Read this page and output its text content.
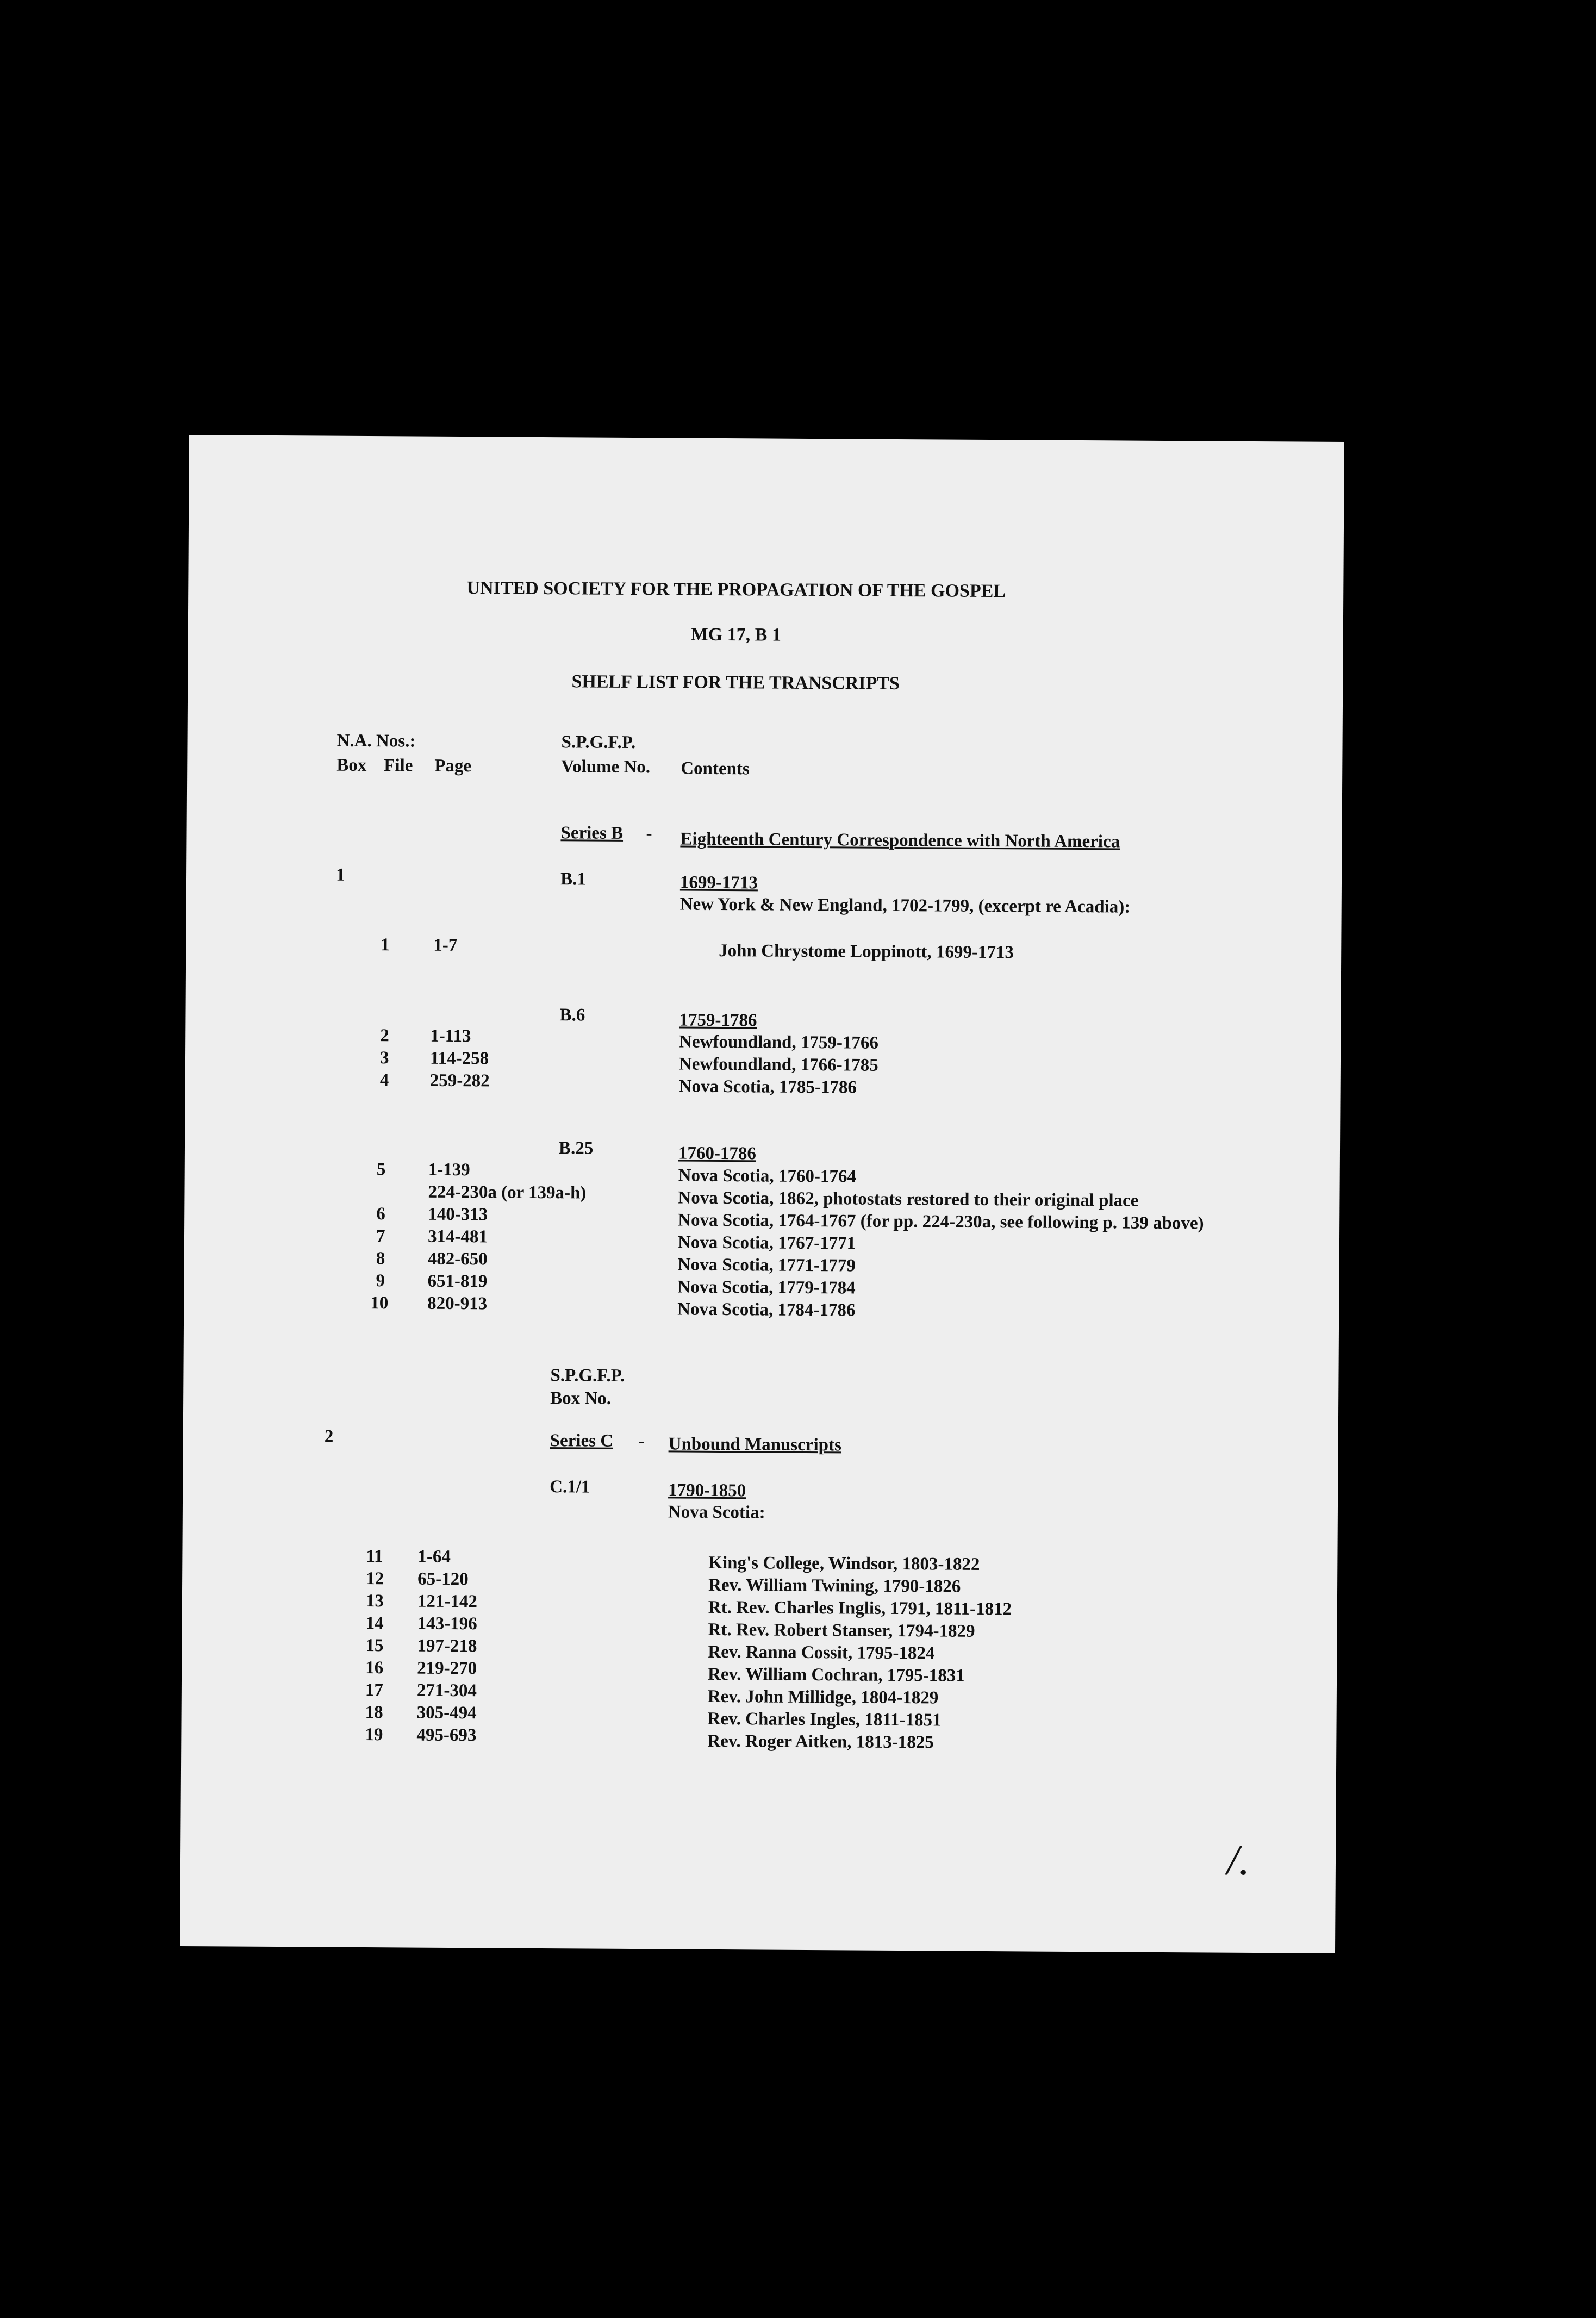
UNITED SOCIETY FOR THE PROPAGATION OF THE GOSPEL
MG 17, B 1
SHELF LIST FOR THE TRANSCRIPTS
N.A. Nos.:
Box File Page
S.P.G.F.P.
Volume No. Contents
Series B - Eighteenth Century Correspondence with North America
1	B.1	1699-1713
New York & New England, 1702-1799, (excerpt re Acadia):
1 1-7	John Chrystome Loppinott, 1699-1713
B.6	1759-1786
2 1-113	Newfoundland, 1759-1766
3 114-258	Newfoundland, 1766-1785
4 259-282	Nova Scotia, 1785-1786
B.25	1760-1786
5 1-139	Nova Scotia, 1760-1764
224-230a (or 139a-h)	Nova Scotia, 1862, photostats restored to their original place
6 140-313	Nova Scotia, 1764-1767 (for pp. 224-230a, see following p. 139 above)
7 314-481	Nova Scotia, 1767-1771
8 482-650	Nova Scotia, 1771-1779
9 651-819	Nova Scotia, 1779-1784
10 820-913	Nova Scotia, 1784-1786
S.P.G.F.P.
Box No.
2	Series C - Unbound Manuscripts
C.1/1	1790-1850
Nova Scotia:
11 1-64	King's College, Windsor, 1803-1822
12 65-120	Rev. William Twining, 1790-1826
13 121-142	Rt. Rev. Charles Inglis, 1791, 1811-1812
14 143-196	Rt. Rev. Robert Stanser, 1794-1829
15 197-218	Rev. Ranna Cossit, 1795-1824
16 219-270	Rev. William Cochran, 1795-1831
17 271-304	Rev. John Millidge, 1804-1829
18 305-494	Rev. Charles Ingles, 1811-1851
19 495-693	Rev. Roger Aitken, 1813-1825
/.
